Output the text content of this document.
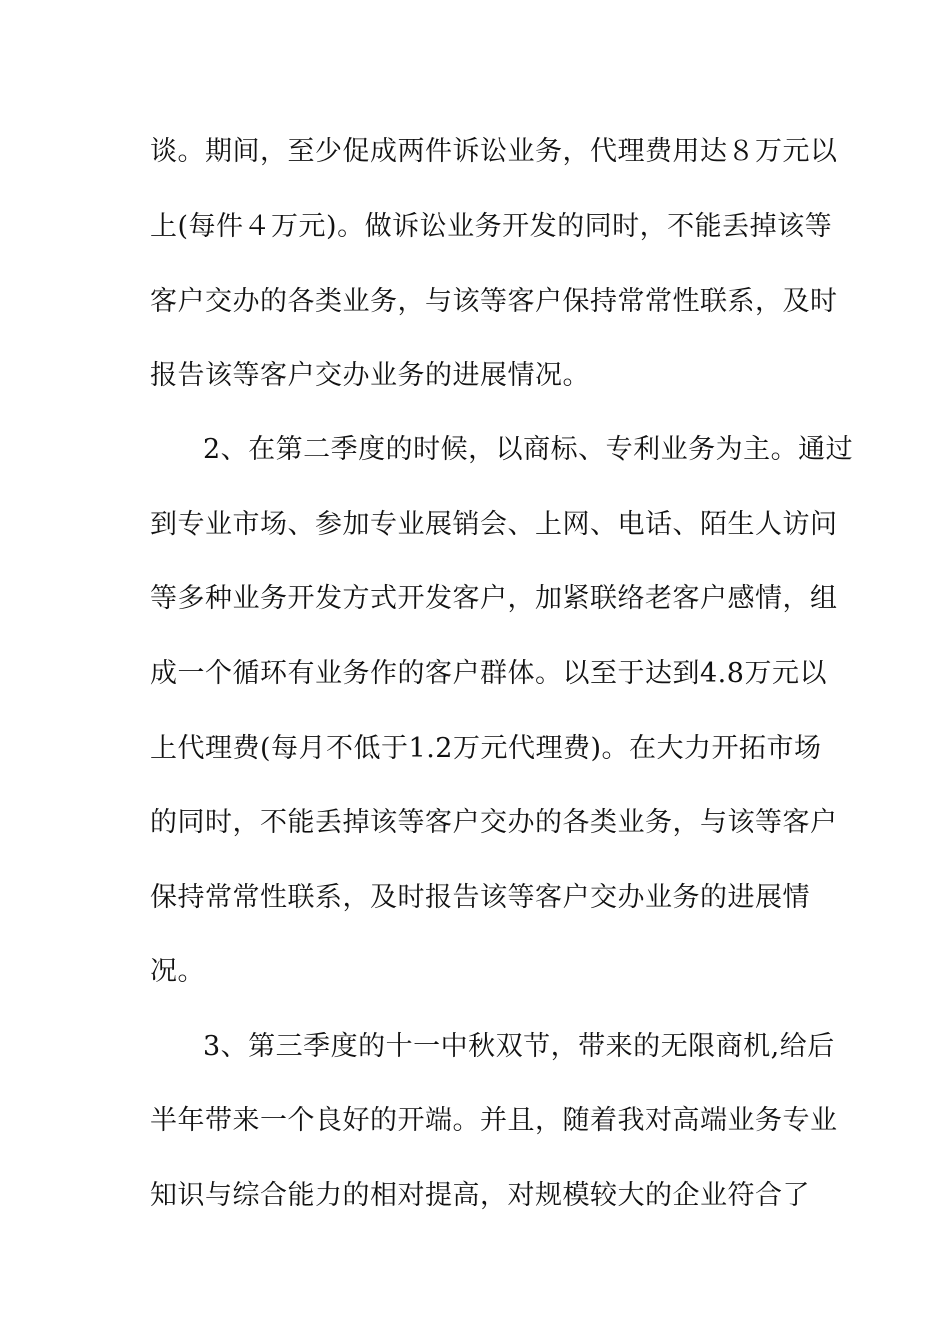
谈。期间，至少促成两件诉讼业务，代理费用达８万元以
上(每件４万元)。做诉讼业务开发的同时，不能丢掉该等
客户交办的各类业务，与该等客户保持常常性联系，及时
报告该等客户交办业务的进展情况。
2、在第二季度的时候，以商标、专利业务为主。通过
到专业市场、参加专业展销会、上网、电话、陌生人访问
等多种业务开发方式开发客户，加紧联络老客户感情，组
成一个循环有业务作的客户群体。以至于达到4.8万元以
上代理费(每月不低于1.2万元代理费)。在大力开拓市场
的同时，不能丢掉该等客户交办的各类业务，与该等客户
保持常常性联系，及时报告该等客户交办业务的进展情
况。
3、第三季度的十一中秋双节，带来的无限商机,给后
半年带来一个良好的开端。并且，随着我对高端业务专业
知识与综合能力的相对提高，对规模较大的企业符合了
